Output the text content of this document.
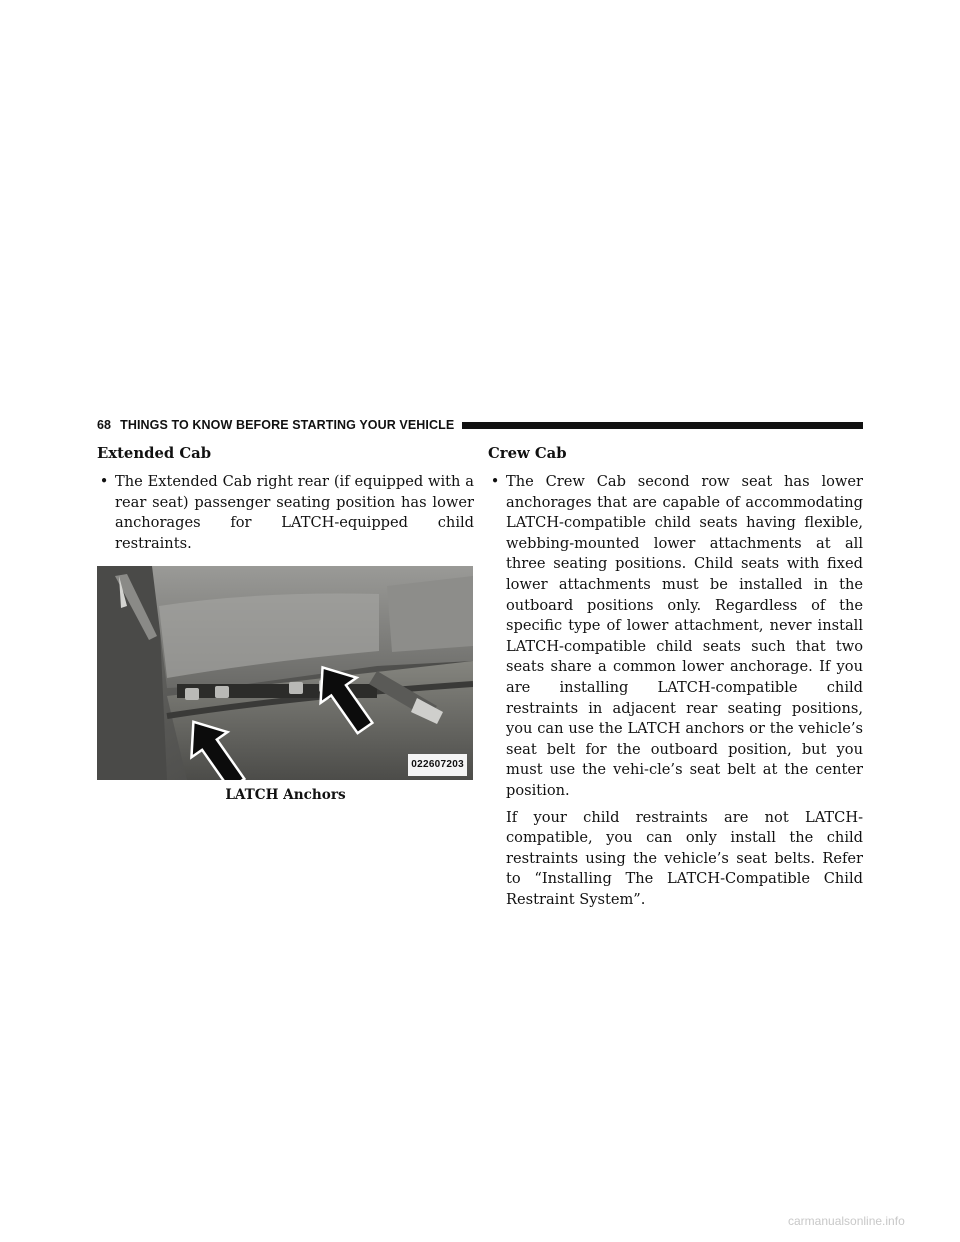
68 THINGS TO KNOW BEFORE STARTING YOUR VEHICLE
Extended Cab

• The Extended Cab right rear (if equipped with a rear seat) passenger seating position has lower anchorages for LATCH-equipped child restraints.

022607203
LATCH Anchors
Crew Cab

• The Crew Cab second row seat has lower anchorages that are capable of accommodating LATCH-compatible child seats having flexible, webbing-mounted lower attachments at all three seating positions. Child seats with fixed lower attachments must be installed in the outboard positions only. Regardless of the specific type of lower attachment, never install LATCH-compatible child seats such that two seats share a common lower anchorage. If you are installing LATCH-compatible child restraints in adjacent rear seating positions, you can use the LATCH anchors or the vehicle’s seat belt for the outboard position, but you must use the vehi-cle’s seat belt at the center position.

If your child restraints are not LATCH-compatible, you can only install the child restraints using the vehicle’s seat belts. Refer to “Installing The LATCH-Compatible Child Restraint System”.

carmanualsonline.info
